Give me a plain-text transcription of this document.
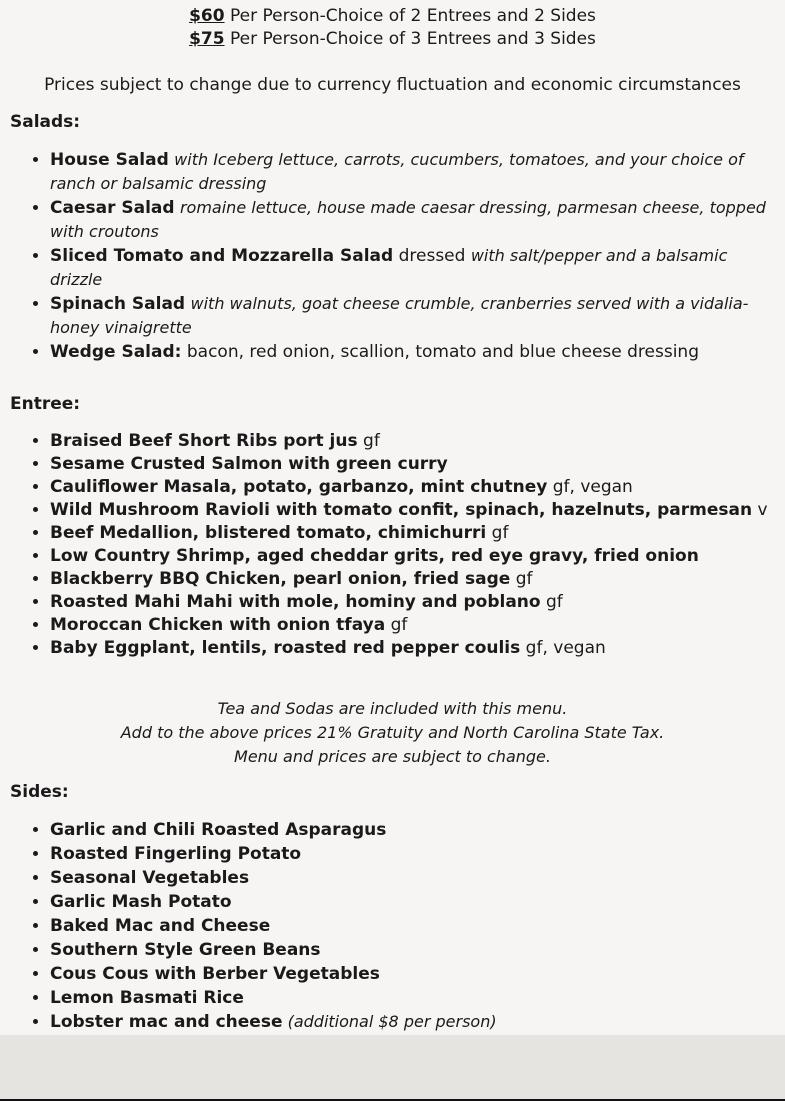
$60 Per Person-Choice of 2 Entrees and 2 Sides
$75 Per Person-Choice of 3 Entrees and 3 Sides
Prices subject to change due to currency fluctuation and economic circumstances

Salads:

• House Salad with Iceberg lettuce, carrots, cucumbers, tomatoes, and your choice of ranch or balsamic dressing
• Caesar Salad romaine lettuce, house made caesar dressing, parmesan cheese, topped with croutons
• Sliced Tomato and Mozzarella Salad dressed with salt/pepper and a balsamic drizzle
• Spinach Salad with walnuts, goat cheese crumble, cranberries served with a vidalia-honey vinaigrette
• Wedge Salad: bacon, red onion, scallion, tomato and blue cheese dressing

Entree:

• Braised Beef Short Ribs port jus gf
• Sesame Crusted Salmon with green curry
• Cauliflower Masala, potato, garbanzo, mint chutney gf, vegan
• Wild Mushroom Ravioli with tomato confit, spinach, hazelnuts, parmesan v
• Beef Medallion, blistered tomato, chimichurri gf
• Low Country Shrimp, aged cheddar grits, red eye gravy, fried onion
• Blackberry BBQ Chicken, pearl onion, fried sage gf
• Roasted Mahi Mahi with mole, hominy and poblano gf
• Moroccan Chicken with onion tfaya gf
• Baby Eggplant, lentils, roasted red pepper coulis gf, vegan
Tea and Sodas are included with this menu.
Add to the above prices 21% Gratuity and North Carolina State Tax.
Menu and prices are subject to change.

Sides:

• Garlic and Chili Roasted Asparagus
• Roasted Fingerling Potato
• Seasonal Vegetables
• Garlic Mash Potato
• Baked Mac and Cheese
• Southern Style Green Beans
• Cous Cous with Berber Vegetables
• Lemon Basmati Rice
• Lobster mac and cheese (additional $8 per person)
